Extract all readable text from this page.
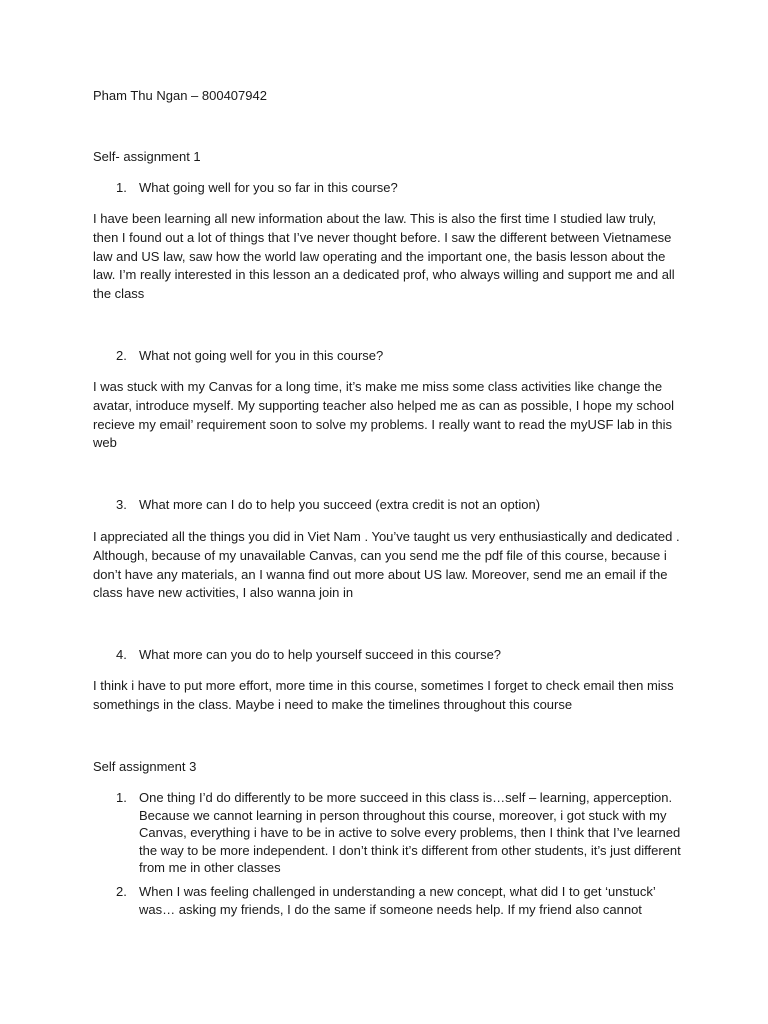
Pham Thu Ngan – 800407942
Self- assignment 1
1. What going well for you so far in this course?
I have been learning all new information about the law. This is also the first time I studied law truly, then I found out a lot of things that I’ve never thought before. I saw the different between Vietnamese law and US law, saw how the world law operating and the important one, the basis lesson about the law. I’m really interested in this lesson an a dedicated prof, who always willing and support me and all the class
2. What not going well for you in this course?
I was stuck with my Canvas for a long time, it’s make me miss some class activities like change the avatar, introduce myself. My supporting teacher also helped me as can as possible, I hope my school recieve my email’ requirement soon to solve my problems. I really want to read the myUSF lab in this web
3. What more can I do to help you succeed (extra credit is not an option)
I appreciated all the things you did in Viet Nam . You’ve taught us very enthusiastically and dedicated . Although, because of my unavailable Canvas, can you send me the pdf file of this course, because i don’t have any materials, an I wanna find out more about US law. Moreover, send me an email if the class have new activities, I also wanna join in
4. What more can you do to help yourself succeed in this course?
I think i have to put more effort, more time in this course, sometimes I forget to check email then miss somethings in the class. Maybe i need to make the timelines throughout this course
Self assignment 3
1. One thing I’d do differently to be more succeed in this class is…self – learning, apperception. Because we cannot learning in person throughout this course, moreover, i got stuck with my Canvas, everything i have to be in active to solve every problems, then I think that I’ve learned the way to be more independent. I don’t think it’s different from other students, it’s just different from me in other classes
2. When I was feeling challenged in understanding a new concept, what did I to get ‘unstuck’ was… asking my friends, I do the same if someone needs help. If my friend also cannot
